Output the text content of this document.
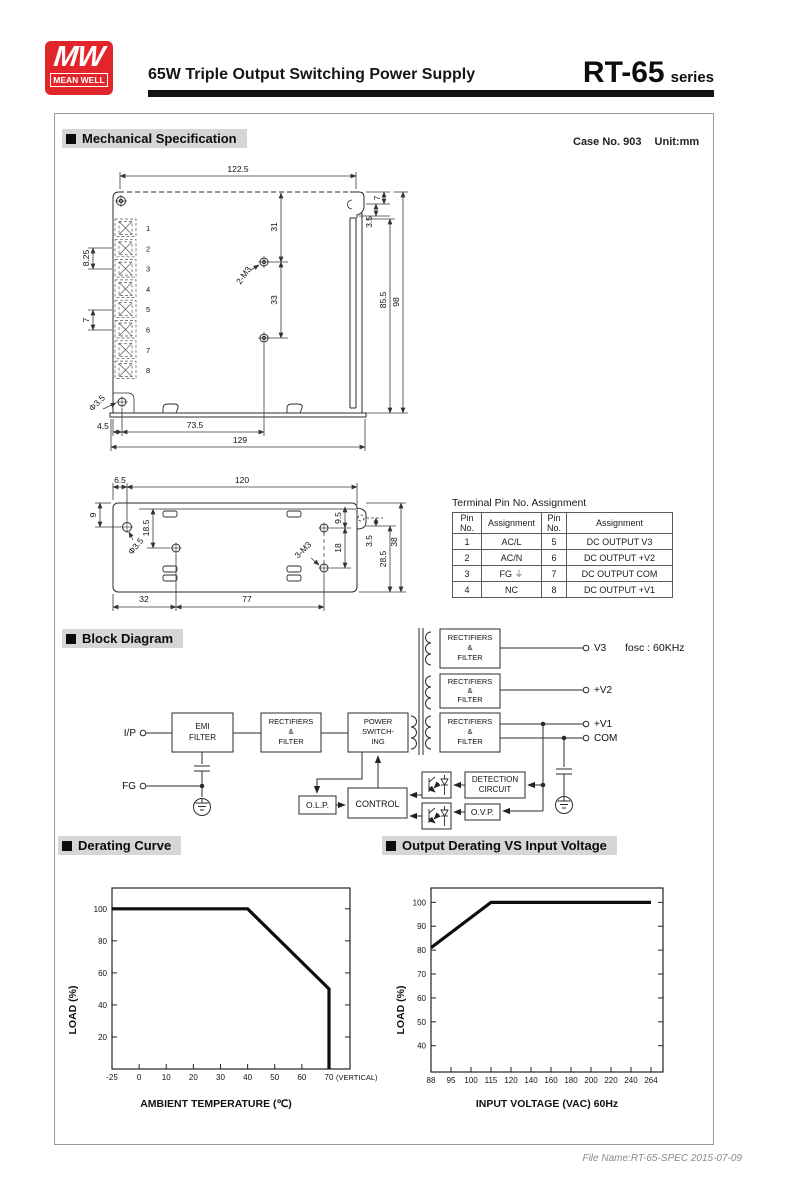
MW
MEAN WELL	65W Triple Output Switching Power Supply	RT-65 series
Mechanical Specification	Case No. 903 Unit:mm
Block Diagram
Derating Curve	Output Derating VS Input Voltage
1
2
3
4
5
6
7
8
122.5
31
33
2-M3
7
3.5
85.5 98
8.25
7
Φ3.5
4.5	73.5
129
6.5	120
9
18.5
Φ3.5	3-M3
9.5
18
3.5
28.5
38
32	77
Terminal Pin No. Assignment
Pin No.	Assignment	Pin No.	Assignment
1	AC/L	5	DC OUTPUT V3
2	AC/N	6	DC OUTPUT +V2
3	FG ⏚	7	DC OUTPUT COM
4	NC	8	DC OUTPUT +V1
EMI
FILTER
RECTIFIERS
&
FILTER
POWER
SWITCH-
ING
RECTIFIERS
&
FILTER
RECTIFIERS
&
FILTER
RECTIFIERS
&
FILTER
DETECTION
CIRCUIT
O.V.P.
CONTROL
O.L.P.
I/P
FG
V3
+V2
+V1
COM
fosc : 60KHz
20
40
60
80
100
-25 0	10 20 30 40 50 60 70 (VERTICAL)
AMBIENT TEMPERATURE (℃)
LOAD (%)
40
50
60
70
80
90
100
88 95 100 115 120 140 160 180 200 220 240 264
INPUT VOLTAGE (VAC) 60Hz
LOAD (%)
File Name:RT-65-SPEC 2015-07-09
